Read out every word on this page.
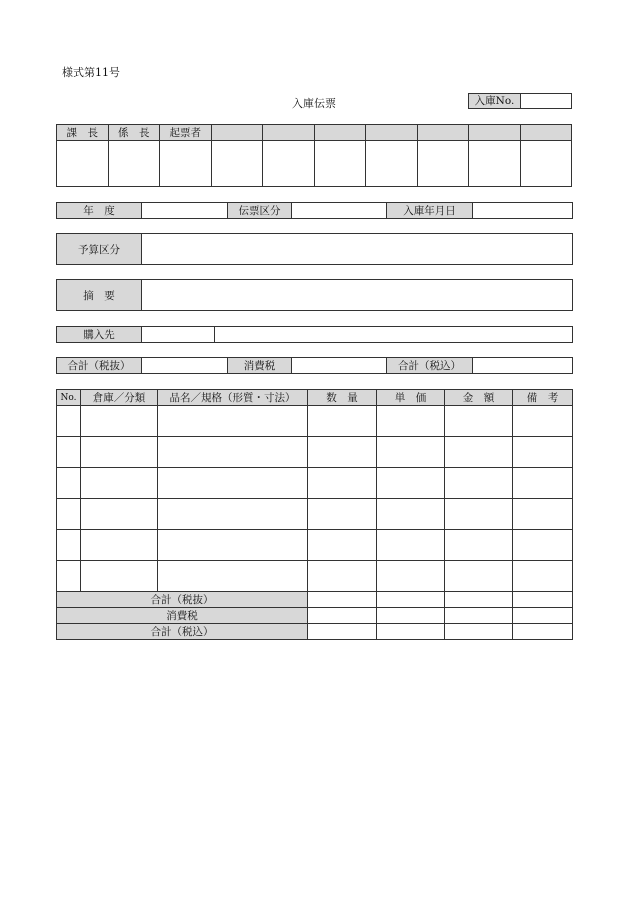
様式第11号
入庫伝票	入庫No.
課　長	係　長	起票者							

年　度		伝票区分		入庫年月日	
予算区分	
摘　要	
購入先		
合計（税抜）		消費税		合計（税込）	
No.	倉庫／分類	品名／規格（形質・寸法）	数　量	単　価	金　額	備　考

合計（税抜）						
消費税						
合計（税込）						
